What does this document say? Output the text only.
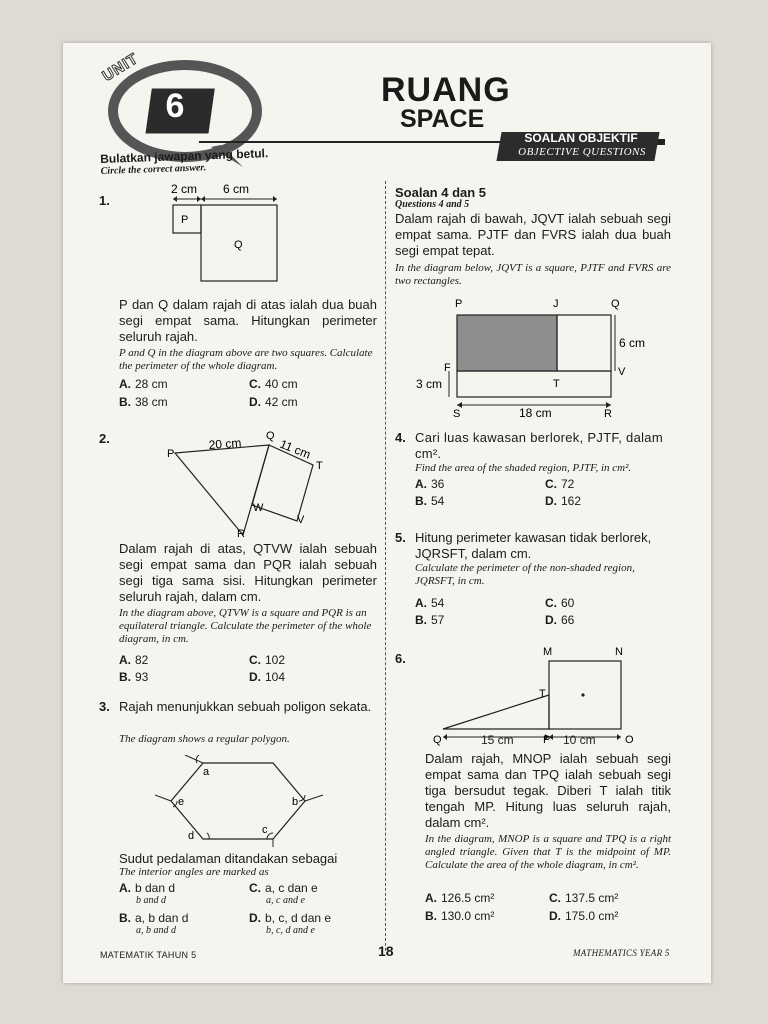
UNIT
6	RUANG
SPACE
SOALAN OBJEKTIF
OBJECTIVE QUESTIONS
Bulatkan jawapan yang betul.
Circle the correct answer.
1.
P
Q
2 cm 6 cm
P dan Q dalam rajah di atas ialah dua buah segi empat sama. Hitungkan perimeter seluruh rajah.
P and Q in the diagram above are two squares. Calculate the perimeter of the whole diagram.
A. 28 cm	C. 40 cm
B. 38 cm	D. 42 cm
2.
P
Q
T
W
V
R
20 cm	11 cm
Dalam rajah di atas, QTVW ialah sebuah segi empat sama dan PQR ialah sebuah segi tiga sama sisi. Hitungkan perimeter seluruh rajah, dalam cm.
In the diagram above, QTVW is a square and PQR is an equilateral triangle. Calculate the perimeter of the whole diagram, in cm.
A. 82	C. 102
B. 93	D. 104
3. Rajah menunjukkan sebuah poligon sekata.
The diagram shows a regular polygon.
a
b
c
d
e
Sudut pedalaman ditandakan sebagai
The interior angles are marked as
A. b dan d
b and d
C. a, c dan e
a, c and e
B. a, b dan d
a, b and d
D. b, c, d dan e
b, c, d and e
Soalan 4 dan 5
Questions 4 and 5
Dalam rajah di bawah, JQVT ialah sebuah segi empat sama. PJTF dan FVRS ialah dua buah segi empat tepat.
In the diagram below, JQVT is a square, PJTF and FVRS are two rectangles.
P	J	Q
F	V
T
S	R
6 cm
3 cm
18 cm
4. Cari luas kawasan berlorek, PJTF, dalam cm².
Find the area of the shaded region, PJTF, in cm².
A. 36	C. 72
B. 54	D. 162
5. Hitung perimeter kawasan tidak berlorek, JQRSFT, dalam cm.
Calculate the perimeter of the non-shaded region, JQRSFT, in cm.
A. 54	C. 60
B. 57	D. 66
6.	M	N
T
Q	P	O
15 cm	10 cm
Dalam rajah, MNOP ialah sebuah segi empat sama dan TPQ ialah sebuah segi tiga bersudut tegak. Diberi T ialah titik tengah MP. Hitung luas seluruh rajah, dalam cm².
In the diagram, MNOP is a square and TPQ is a right angled triangle. Given that T is the midpoint of MP. Calculate the area of the whole diagram, in cm².
A. 126.5 cm²	C. 137.5 cm²
B. 130.0 cm²	D. 175.0 cm²
MATEMATIK TAHUN 5	18	MATHEMATICS YEAR 5
